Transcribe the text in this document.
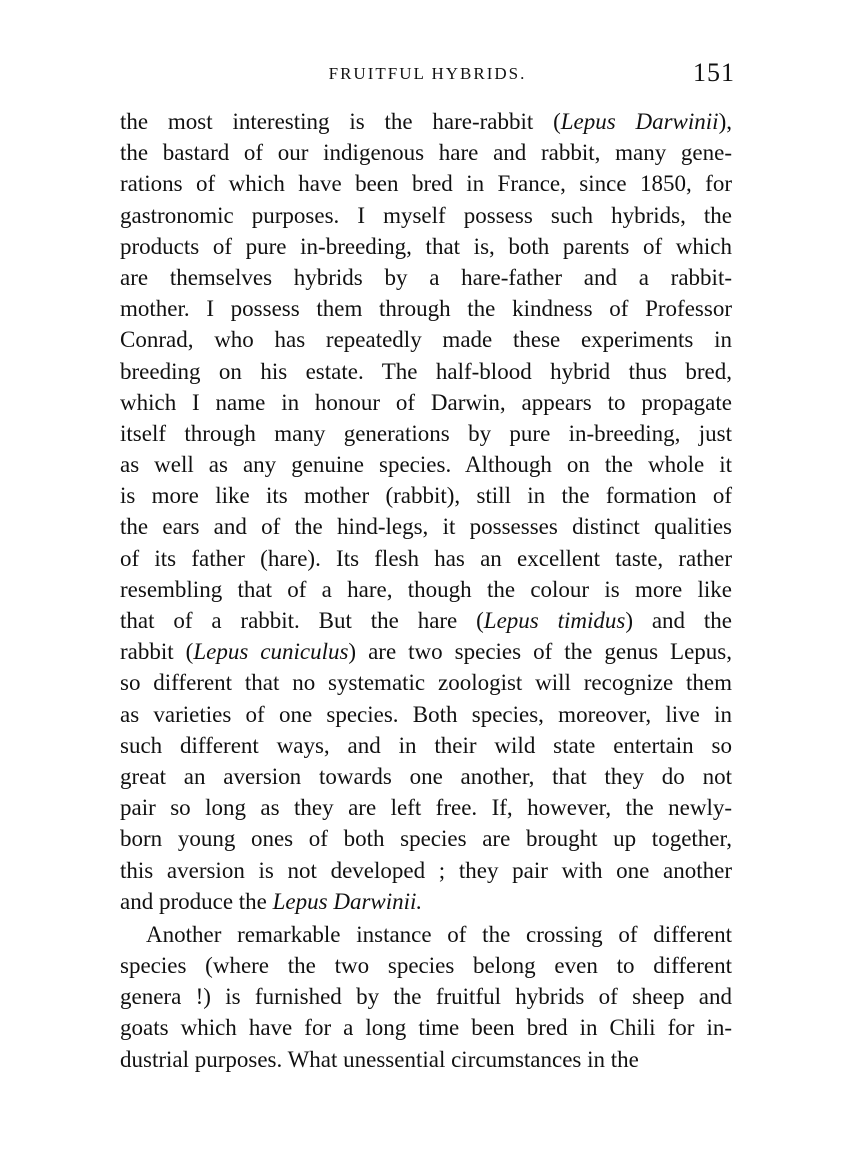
FRUITFUL HYBRIDS.	151
the most interesting is the hare-rabbit (Lepus Darwinii),
the bastard of our indigenous hare and rabbit, many gene-
rations of which have been bred in France, since 1850, for
gastronomic purposes. I myself possess such hybrids, the
products of pure in-breeding, that is, both parents of which
are themselves hybrids by a hare-father and a rabbit-
mother. I possess them through the kindness of Professor
Conrad, who has repeatedly made these experiments in
breeding on his estate. The half-blood hybrid thus bred,
which I name in honour of Darwin, appears to propagate
itself through many generations by pure in-breeding, just
as well as any genuine species. Although on the whole it
is more like its mother (rabbit), still in the formation of
the ears and of the hind-legs, it possesses distinct qualities
of its father (hare). Its flesh has an excellent taste, rather
resembling that of a hare, though the colour is more like
that of a rabbit. But the hare (Lepus timidus) and the
rabbit (Lepus cuniculus) are two species of the genus Lepus,
so different that no systematic zoologist will recognize them
as varieties of one species. Both species, moreover, live in
such different ways, and in their wild state entertain so
great an aversion towards one another, that they do not
pair so long as they are left free. If, however, the newly-
born young ones of both species are brought up together,
this aversion is not developed ; they pair with one another
and produce the Lepus Darwinii.
Another remarkable instance of the crossing of different
species (where the two species belong even to different
genera !) is furnished by the fruitful hybrids of sheep and
goats which have for a long time been bred in Chili for in-
dustrial purposes. What unessential circumstances in the
